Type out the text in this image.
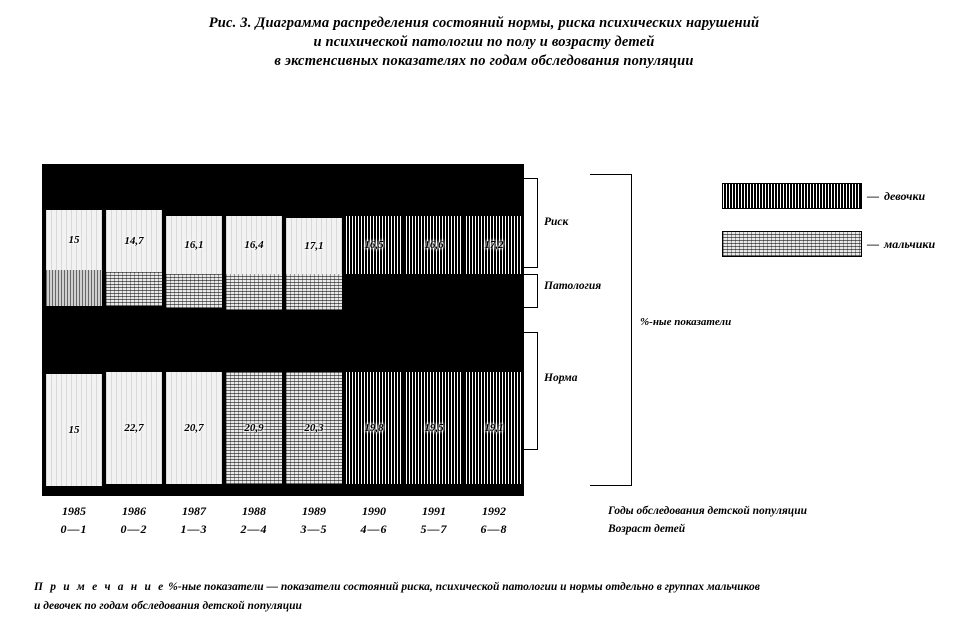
Рис. 3. Диаграмма распределения состояний нормы, риска психических нарушений
и психической патологии по полу и возрасту детей
в экстенсивных показателях по годам обследования популяции
15
15
14,7
22,7
16,1
20,7
16,4
20,9
17,1
20,3
16,5
19,8
16,6
19,5
17,2
19,1
Риск
Патология
Норма
%-ные показатели
— девочки
— мальчики
Годы обследования детской популяции
Возраст детей
1985
0—1
1986
0—2
1987
1—3
1988
2—4
1989
3—5
1990
4—6
1991
5—7
1992
6—8
П р и м е ч а н и е %-ные показатели — показатели состояний риска, психической патологии и нормы отдельно в группах мальчиков
и девочек по годам обследования детской популяции
